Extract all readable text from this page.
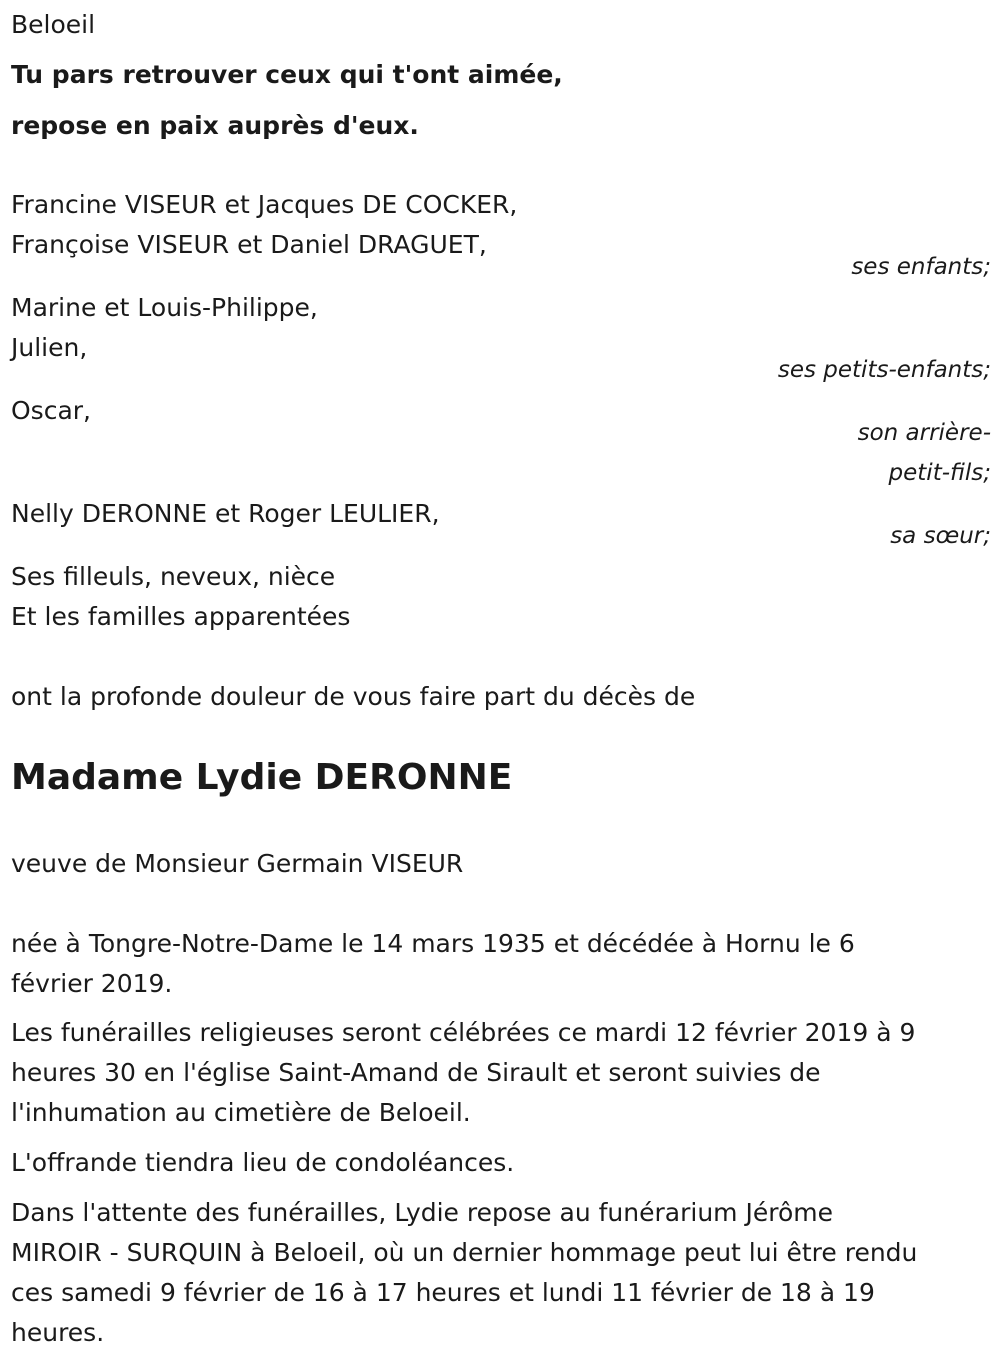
Beloeil
Tu pars retrouver ceux qui t'ont aimée,
repose en paix auprès d'eux.
Francine VISEUR et Jacques DE COCKER,
Françoise VISEUR et Daniel DRAGUET,
ses enfants;
Marine et Louis-Philippe,
Julien,
ses petits-enfants;
Oscar,
son arrière-
petit-fils;
Nelly DERONNE et Roger LEULIER,
sa sœur;
Ses filleuls, neveux, nièce
Et les familles apparentées
ont la profonde douleur de vous faire part du décès de
Madame Lydie DERONNE
veuve de Monsieur Germain VISEUR
née à Tongre-Notre-Dame le 14 mars 1935 et décédée à Hornu le 6
février 2019.
Les funérailles religieuses seront célébrées ce mardi 12 février 2019 à 9
heures 30 en l'église Saint-Amand de Sirault et seront suivies de
l'inhumation au cimetière de Beloeil.
L'offrande tiendra lieu de condoléances.
Dans l'attente des funérailles, Lydie repose au funérarium Jérôme
MIROIR - SURQUIN à Beloeil, où un dernier hommage peut lui être rendu
ces samedi 9 février de 16 à 17 heures et lundi 11 février de 18 à 19
heures.
